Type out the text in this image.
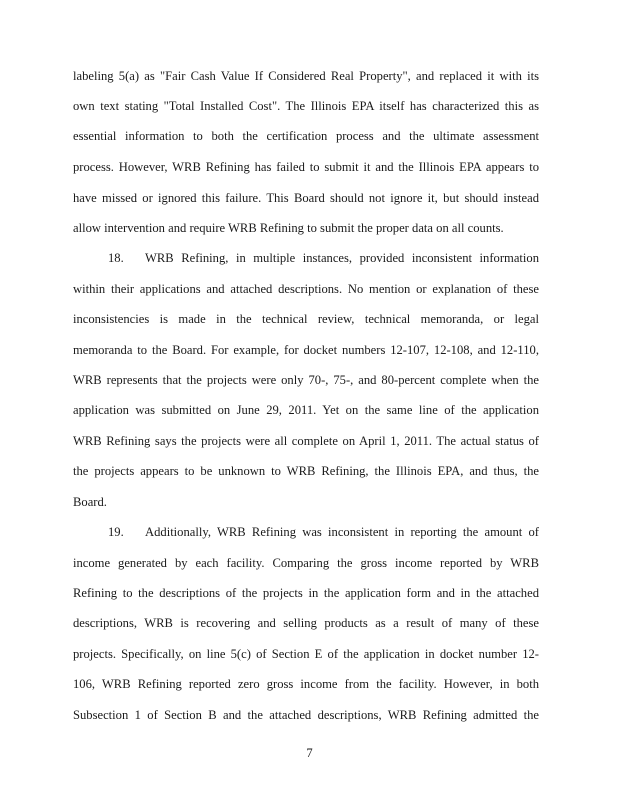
labeling 5(a) as "Fair Cash Value If Considered Real Property", and replaced it with its
own text stating "Total Installed Cost". The Illinois EPA itself has characterized this as
essential information to both the certification process and the ultimate assessment
process. However, WRB Refining has failed to submit it and the Illinois EPA appears to
have missed or ignored this failure. This Board should not ignore it, but should instead
allow intervention and require WRB Refining to submit the proper data on all counts.
18. WRB Refining, in multiple instances, provided inconsistent information
within their applications and attached descriptions. No mention or explanation of these
inconsistencies is made in the technical review, technical memoranda, or legal
memoranda to the Board. For example, for docket numbers 12-107, 12-108, and 12-110,
WRB represents that the projects were only 70-, 75-, and 80-percent complete when the
application was submitted on June 29, 2011. Yet on the same line of the application
WRB Refining says the projects were all complete on April 1, 2011. The actual status of
the projects appears to be unknown to WRB Refining, the Illinois EPA, and thus, the
Board.
19. Additionally, WRB Refining was inconsistent in reporting the amount of
income generated by each facility. Comparing the gross income reported by WRB
Refining to the descriptions of the projects in the application form and in the attached
descriptions, WRB is recovering and selling products as a result of many of these
projects. Specifically, on line 5(c) of Section E of the application in docket number 12-
106, WRB Refining reported zero gross income from the facility. However, in both
Subsection 1 of Section B and the attached descriptions, WRB Refining admitted the
7
